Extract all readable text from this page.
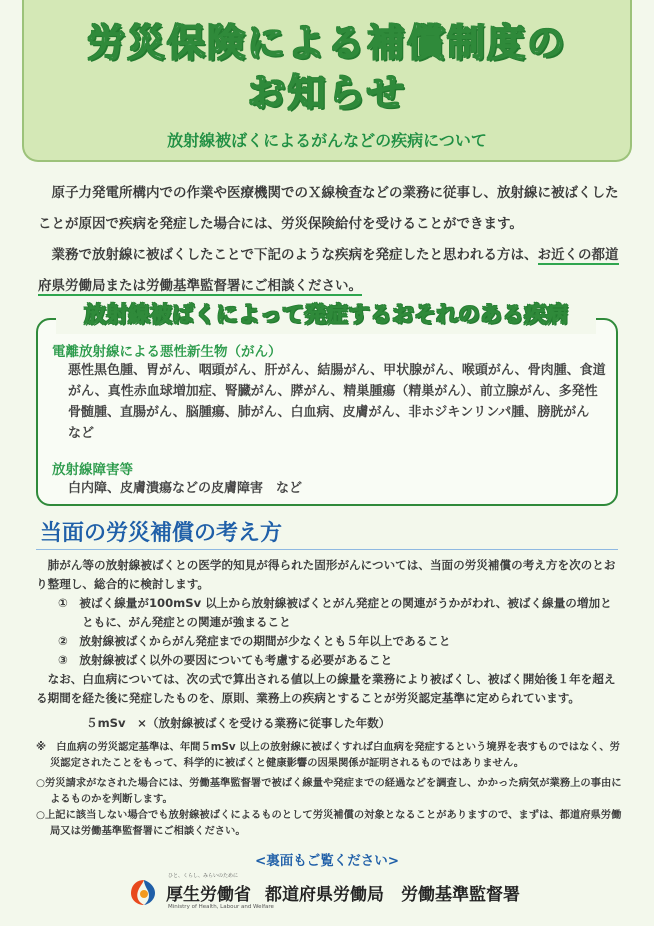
労災保険による補償制度の
お知らせ
放射線被ばくによるがんなどの疾病について

原子力発電所構内での作業や医療機関でのＸ線検査などの業務に従事し、放射線に被ばくしたことが原因で疾病を発症した場合には、労災保険給付を受けることができます。

業務で放射線に被ばくしたことで下記のような疾病を発症したと思われる方は、お近くの都道府県労働局または労働基準監督署にご相談ください。

放射線被ばくによって発症するおそれのある疾病
電離放射線による悪性新生物（がん）
悪性黒色腫、胃がん、咽頭がん、肝がん、結腸がん、甲状腺がん、喉頭がん、骨肉腫、食道がん、真性赤血球増加症、腎臓がん、膵がん、精巣腫瘍（精巣がん）、前立腺がん、多発性骨髄腫、直腸がん、脳腫瘍、肺がん、白血病、皮膚がん、非ホジキンリンパ腫、膀胱がん　など
放射線障害等
白内障、皮膚潰瘍などの皮膚障害　など
当面の労災補償の考え方

肺がん等の放射線被ばくとの医学的知見が得られた固形がんについては、当面の労災補償の考え方を次のとおり整理し、総合的に検討します。

①　被ばく線量が100mSv 以上から放射線被ばくとがん発症との関連がうかがわれ、被ばく線量の増加とともに、がん発症との関連が強まること

②　放射線被ばくからがん発症までの期間が少なくとも５年以上であること

③　放射線被ばく以外の要因についても考慮する必要があること

なお、白血病については、次の式で算出される値以上の線量を業務により被ばくし、被ばく開始後１年を超える期間を経た後に発症したものを、原則、業務上の疾病とすることが労災認定基準に定められています。

５mSv　×（放射線被ばくを受ける業務に従事した年数）

※　白血病の労災認定基準は、年間５mSv 以上の放射線に被ばくすれば白血病を発症するという境界を表すものではなく、労災認定されたことをもって、科学的に被ばくと健康影響の因果関係が証明されるものではありません。

○労災請求がなされた場合には、労働基準監督署で被ばく線量や発症までの経過などを調査し、かかった病気が業務上の事由によるものかを判断します。

○上記に該当しない場合でも放射線被ばくによるものとして労災補償の対象となることがありますので、まずは、都道府県労働局又は労働基準監督署にご相談ください。

<裏面もご覧ください>
厚生労働省 都道府県労働局　労働基準監督署
ひと、くらし、みらいのために
Ministry of Health, Labour and Welfare
